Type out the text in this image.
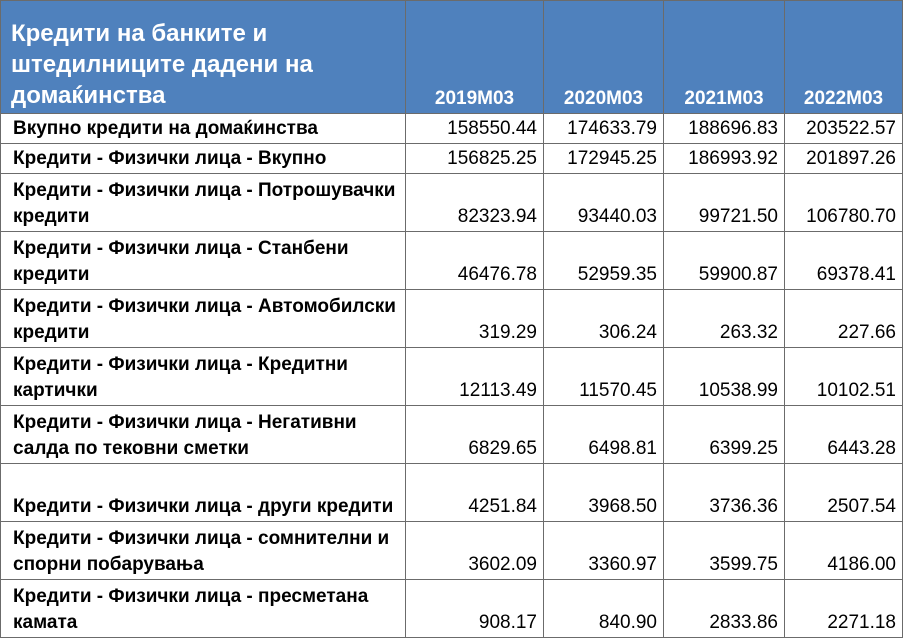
Кредити на банките и штедилниците дадени на домаќинства	2019M03	2020M03	2021M03	2022M03
Вкупно кредити на домаќинства	158550.44	174633.79	188696.83	203522.57
Кредити - Физички лица - Вкупно	156825.25	172945.25	186993.92	201897.26
Кредити - Физички лица - Потрошувачки кредити	82323.94	93440.03	99721.50	106780.70
Кредити - Физички лица - Станбени кредити	46476.78	52959.35	59900.87	69378.41
Кредити - Физички лица - Автомобилски кредити	319.29	306.24	263.32	227.66
Кредити - Физички лица - Кредитни картички	12113.49	11570.45	10538.99	10102.51
Кредити - Физички лица - Негативни салда по тековни сметки	6829.65	6498.81	6399.25	6443.28
Кредити - Физички лица - други кредити	4251.84	3968.50	3736.36	2507.54
Кредити - Физички лица - сомнителни и спорни побарувања	3602.09	3360.97	3599.75	4186.00
Кредити - Физички лица - пресметана камата	908.17	840.90	2833.86	2271.18
